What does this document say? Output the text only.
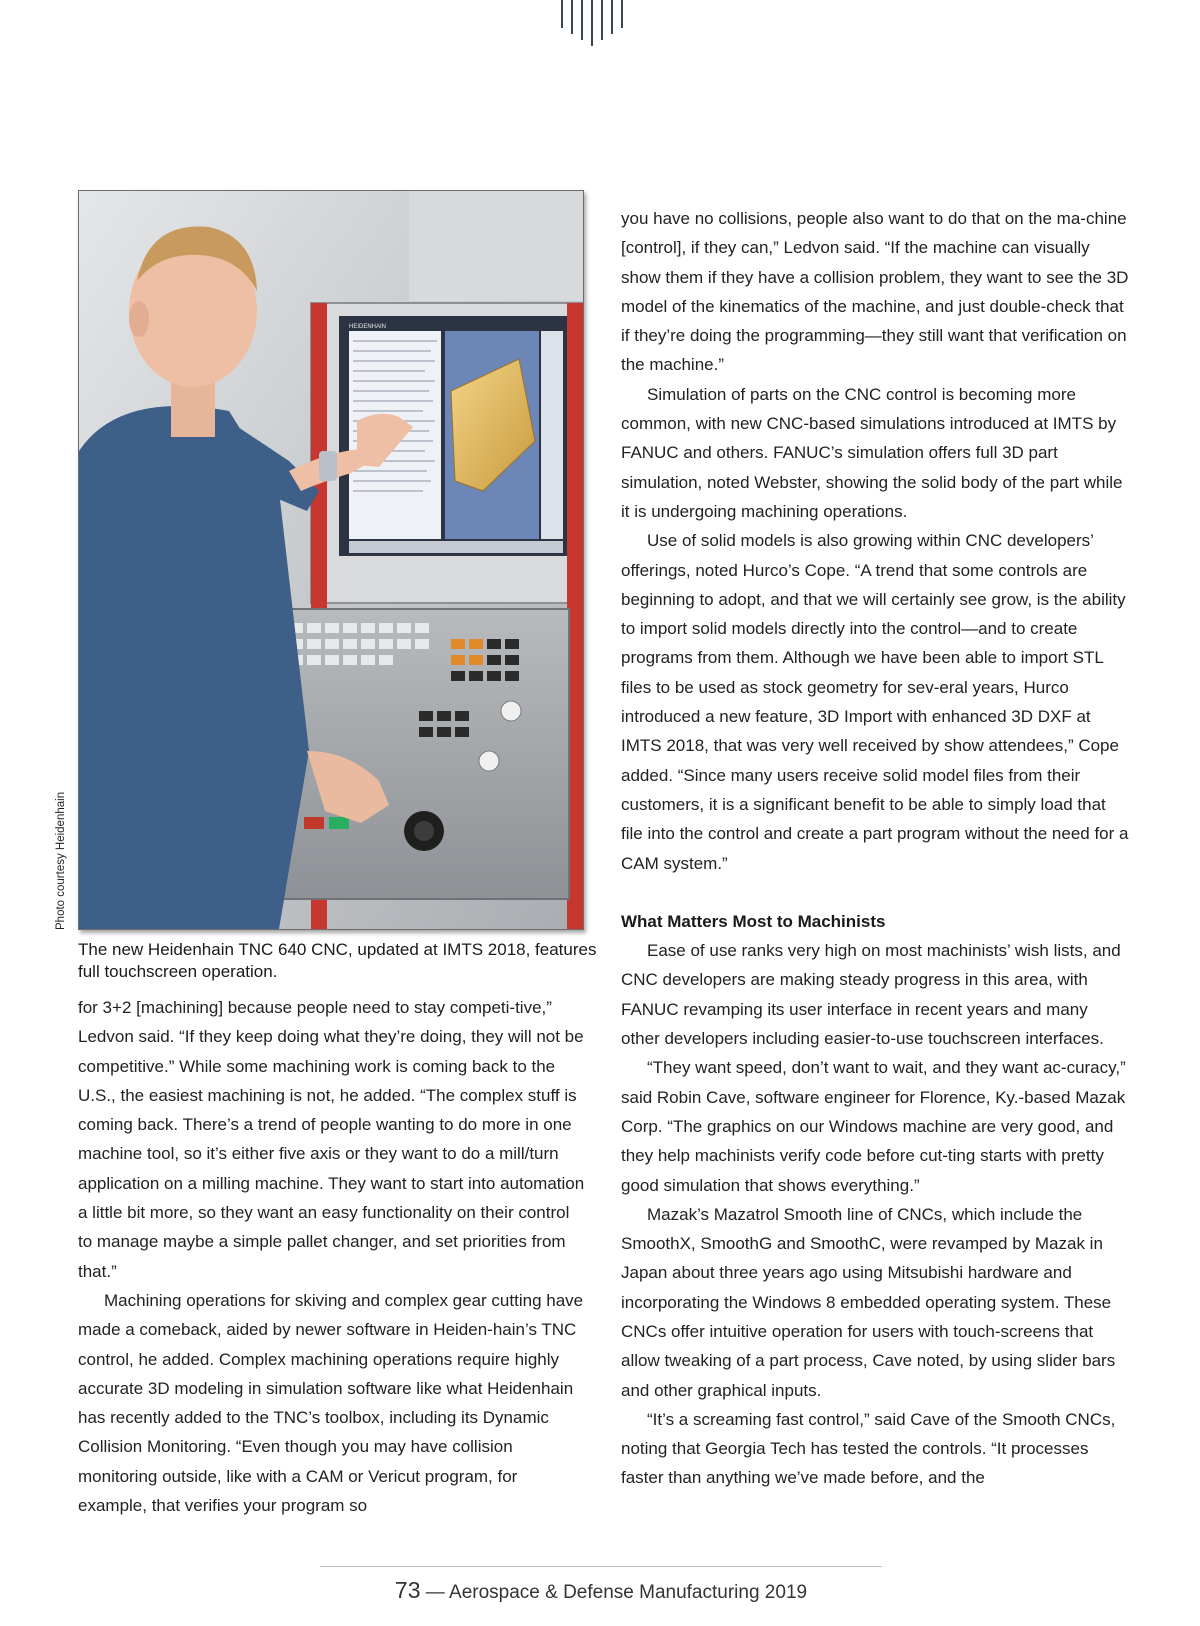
HEIDENHAIN
Photo courtesy Heidenhain
The new Heidenhain TNC 640 CNC, updated at IMTS 2018, features full touchscreen operation.

for 3+2 [machining] because people need to stay competi-tive,” Ledvon said. “If they keep doing what they’re doing, they will not be competitive.” While some machining work is coming back to the U.S., the easiest machining is not, he added. “The complex stuff is coming back. There’s a trend of people wanting to do more in one machine tool, so it’s either five axis or they want to do a mill/turn application on a milling machine. They want to start into automation a little bit more, so they want an easy functionality on their control to manage maybe a simple pallet changer, and set priorities from that.”

Machining operations for skiving and complex gear cutting have made a comeback, aided by newer software in Heiden-hain’s TNC control, he added. Complex machining operations require highly accurate 3D modeling in simulation software like what Heidenhain has recently added to the TNC’s toolbox, including its Dynamic Collision Monitoring. “Even though you may have collision monitoring outside, like with a CAM or Vericut program, for example, that verifies your program so

you have no collisions, people also want to do that on the ma-chine [control], if they can,” Ledvon said. “If the machine can visually show them if they have a collision problem, they want to see the 3D model of the kinematics of the machine, and just double-check that if they’re doing the programming—they still want that verification on the machine.”

Simulation of parts on the CNC control is becoming more common, with new CNC-based simulations introduced at IMTS by FANUC and others. FANUC’s simulation offers full 3D part simulation, noted Webster, showing the solid body of the part while it is undergoing machining operations.

Use of solid models is also growing within CNC developers’ offerings, noted Hurco’s Cope. “A trend that some controls are beginning to adopt, and that we will certainly see grow, is the ability to import solid models directly into the control—and to create programs from them. Although we have been able to import STL files to be used as stock geometry for sev-eral years, Hurco introduced a new feature, 3D Import with enhanced 3D DXF at IMTS 2018, that was very well received by show attendees,” Cope added. “Since many users receive solid model files from their customers, it is a significant benefit to be able to simply load that file into the control and create a part program without the need for a CAM system.”

What Matters Most to Machinists

Ease of use ranks very high on most machinists’ wish lists, and CNC developers are making steady progress in this area, with FANUC revamping its user interface in recent years and many other developers including easier-to-use touchscreen interfaces.

“They want speed, don’t want to wait, and they want ac-curacy,” said Robin Cave, software engineer for Florence, Ky.-based Mazak Corp. “The graphics on our Windows machine are very good, and they help machinists verify code before cut-ting starts with pretty good simulation that shows everything.”

Mazak’s Mazatrol Smooth line of CNCs, which include the SmoothX, SmoothG and SmoothC, were revamped by Mazak in Japan about three years ago using Mitsubishi hardware and incorporating the Windows 8 embedded operating system. These CNCs offer intuitive operation for users with touch-screens that allow tweaking of a part process, Cave noted, by using slider bars and other graphical inputs.

“It’s a screaming fast control,” said Cave of the Smooth CNCs, noting that Georgia Tech has tested the controls. “It processes faster than anything we’ve made before, and the

73 — Aerospace & Defense Manufacturing 2019
